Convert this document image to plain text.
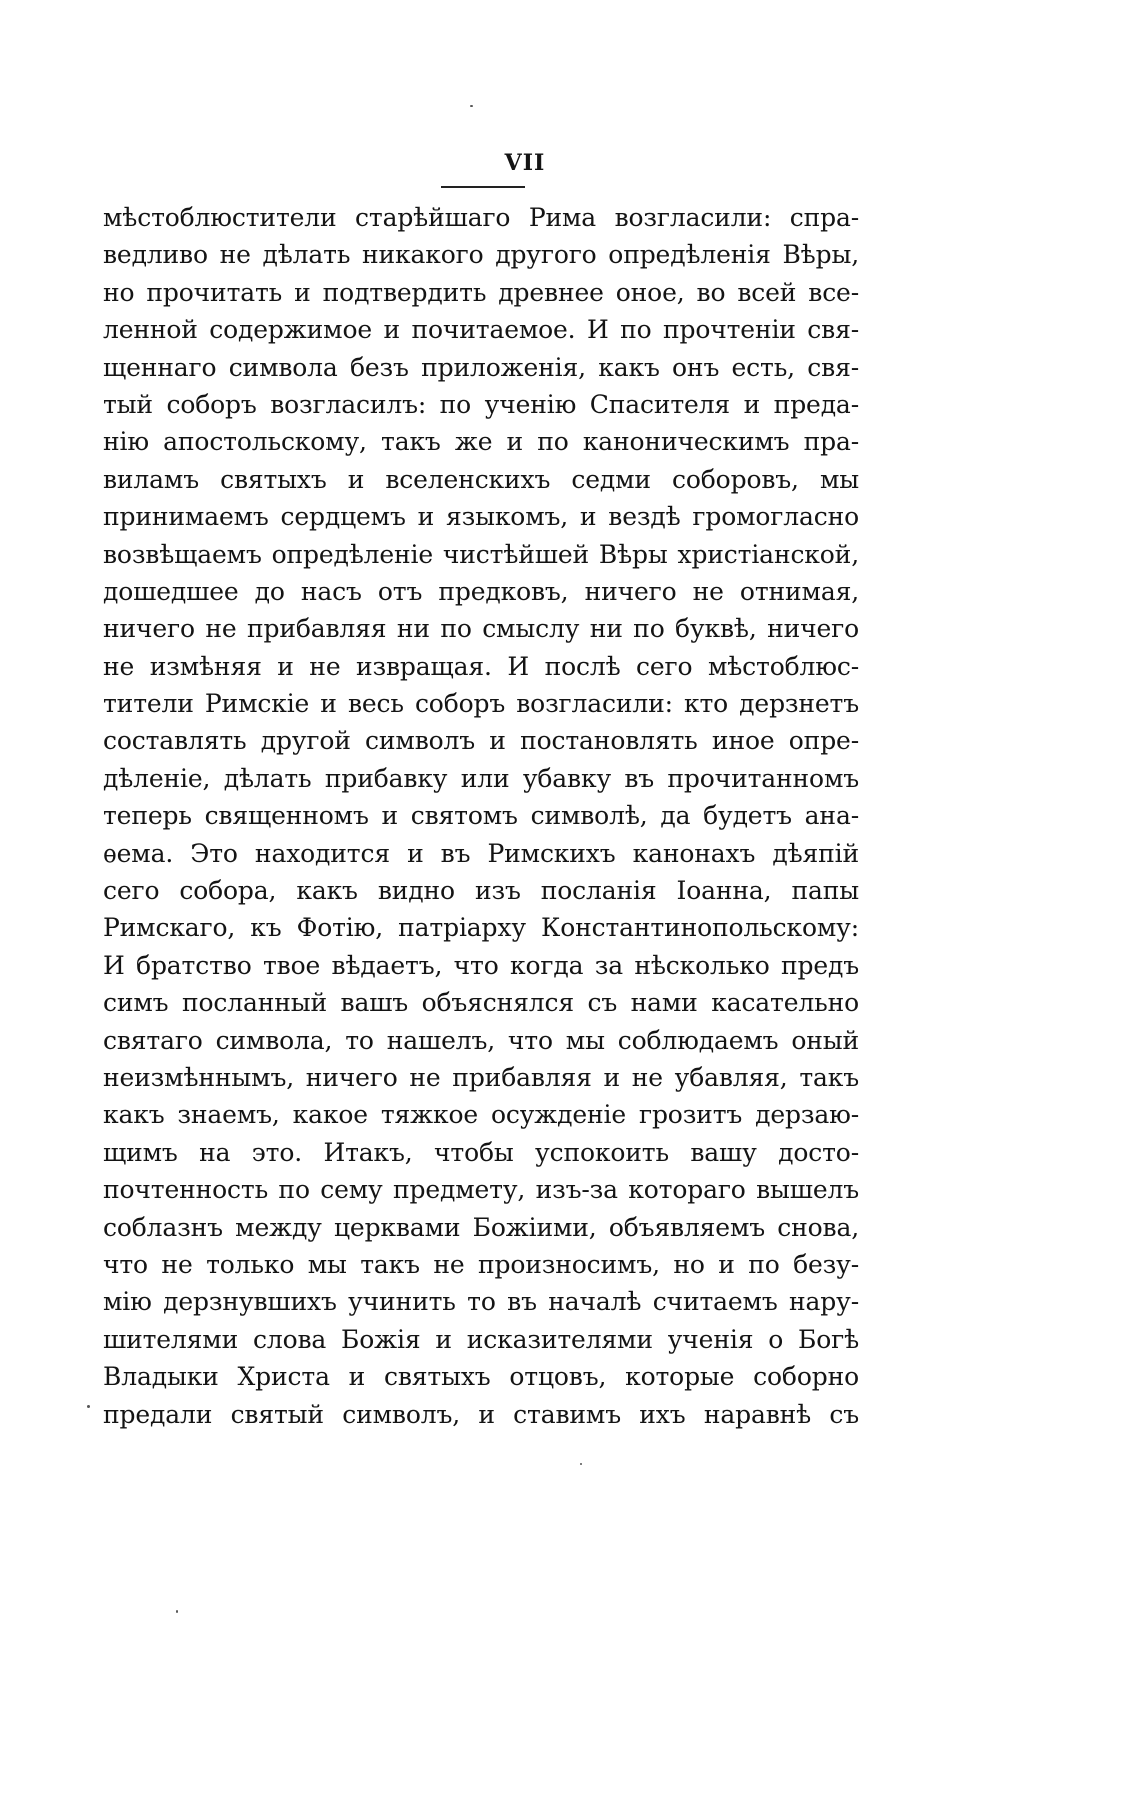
VII
мѣстоблюстители старѣйшаго Рима возгласили: спра-
ведливо не дѣлать никакого другого опредѣленія Вѣры,
но прочитать и подтвердить древнее оное, во всей все-
ленной содержимое и почитаемое. И по прочтеніи свя-
щеннаго символа безъ приложенія, какъ онъ есть, свя-
тый соборъ возгласилъ: по ученію Спасителя и преда-
нію апостольскому, такъ же и по каноническимъ пра-
виламъ святыхъ и вселенскихъ седми соборовъ, мы
принимаемъ сердцемъ и языкомъ, и вездѣ громогласно
возвѣщаемъ опредѣленіе чистѣйшей Вѣры христіанской,
дошедшее до насъ отъ предковъ, ничего не отнимая,
ничего не прибавляя ни по смыслу ни по буквѣ, ничего
не измѣняя и не извращая. И послѣ сего мѣстоблюс-
тители Римскіе и весь соборъ возгласили: кто дерзнетъ
составлять другой символъ и постановлять иное опре-
дѣленіе, дѣлать прибавку или убавку въ прочитанномъ
теперь священномъ и святомъ символѣ, да будетъ ана-
ѳема. Это находится и въ Римскихъ канонахъ дѣяпій
сего собора, какъ видно изъ посланія Іоанна, папы
Римскаго, къ Фотію, патріарху Константинопольскому:
И братство твое вѣдаетъ, что когда за нѣсколько предъ
симъ посланный вашъ объяснялся съ нами касательно
святаго символа, то нашелъ, что мы соблюдаемъ оный
неизмѣннымъ, ничего не прибавляя и не убавляя, такъ
какъ знаемъ, какое тяжкое осужденіе грозитъ дерзаю-
щимъ на это. Итакъ, чтобы успокоить вашу досто-
почтенность по сему предмету, изъ-за котораго вышелъ
соблазнъ между церквами Божіими, объявляемъ снова,
что не только мы такъ не произносимъ, но и по безу-
мію дерзнувшихъ учинить то въ началѣ считаемъ нару-
шителями слова Божія и исказителями ученія о Богѣ
Владыки Христа и святыхъ отцовъ, которые соборно
предали святый символъ, и ставимъ ихъ наравнѣ съ
